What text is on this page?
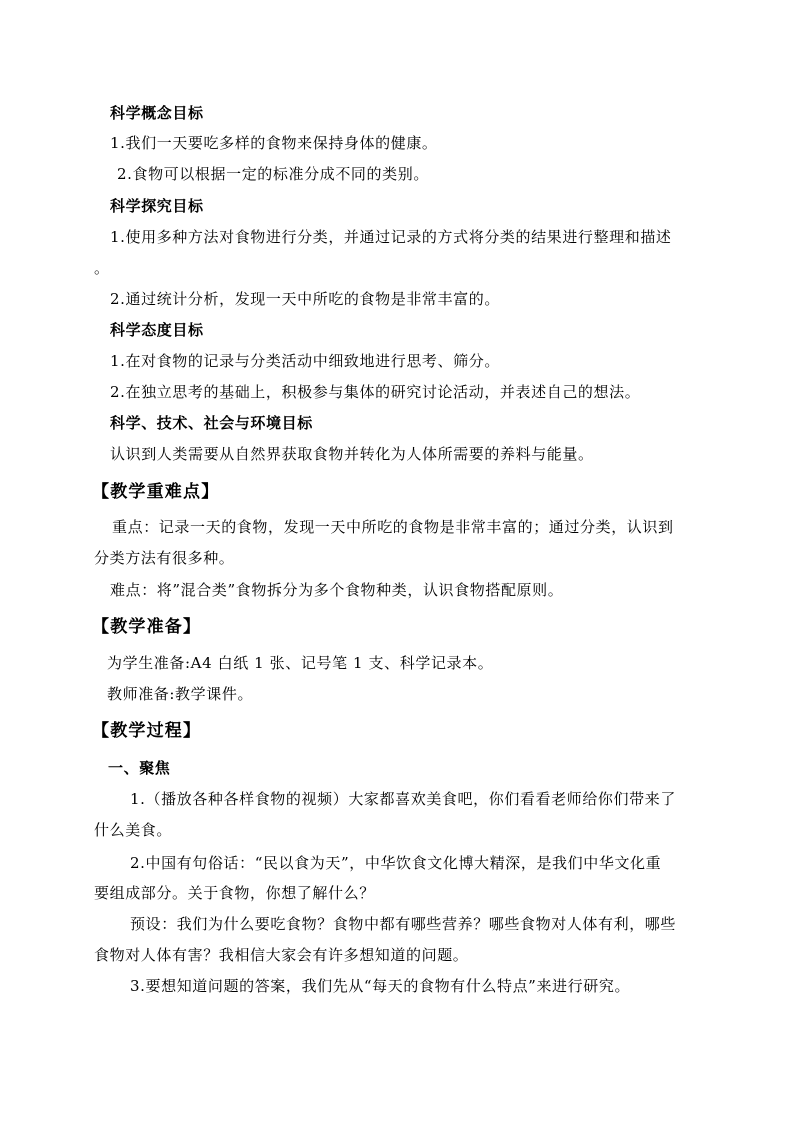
科学概念目标
1.我们一天要吃多样的食物来保持身体的健康。
2.食物可以根据一定的标准分成不同的类别。
科学探究目标
1.使用多种方法对食物进行分类，并通过记录的方式将分类的结果进行整理和描述
。
2.通过统计分析，发现一天中所吃的食物是非常丰富的。
科学态度目标
1.在对食物的记录与分类活动中细致地进行思考、筛分。
2.在独立思考的基础上，积极参与集体的研究讨论活动，并表述自己的想法。
科学、技术、社会与环境目标
认识到人类需要从自然界获取食物并转化为人体所需要的养料与能量。
【教学重难点】
重点：记录一天的食物，发现一天中所吃的食物是非常丰富的；通过分类，认识到
分类方法有很多种。
难点：将”混合类”食物拆分为多个食物种类，认识食物搭配原则。
【教学准备】
为学生准备:A4 白纸 1 张、记号笔 1 支、科学记录本。
教师准备:教学课件。
【教学过程】
一、聚焦
1.（播放各种各样食物的视频）大家都喜欢美食吧，你们看看老师给你们带来了
什么美食。
2.中国有句俗话：“民以食为天”，中华饮食文化博大精深，是我们中华文化重
要组成部分。关于食物，你想了解什么？
预设：我们为什么要吃食物？食物中都有哪些营养？哪些食物对人体有利，哪些
食物对人体有害？我相信大家会有许多想知道的问题。
3.要想知道问题的答案，我们先从“每天的食物有什么特点”来进行研究。
